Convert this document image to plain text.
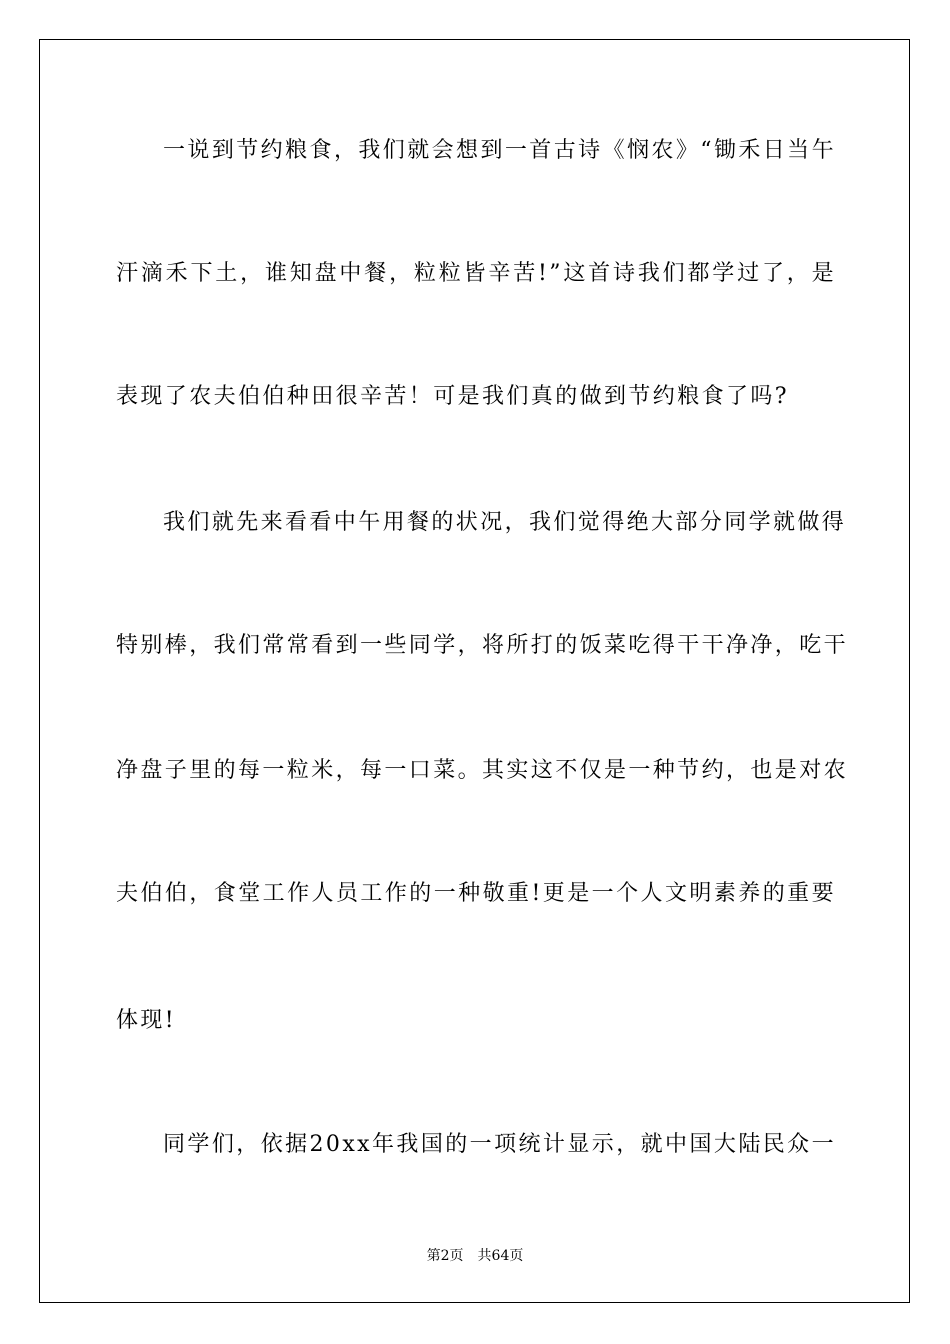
一说到节约粮食，我们就会想到一首古诗《悯农》“锄禾日当午
汗滴禾下土，谁知盘中餐，粒粒皆辛苦!”这首诗我们都学过了，是
表现了农夫伯伯种田很辛苦！可是我们真的做到节约粮食了吗?
我们就先来看看中午用餐的状况，我们觉得绝大部分同学就做得
特别棒，我们常常看到一些同学，将所打的饭菜吃得干干净净，吃干
净盘子里的每一粒米，每一口菜。其实这不仅是一种节约，也是对农
夫伯伯，食堂工作人员工作的一种敬重!更是一个人文明素养的重要
体现!
同学们，依据20xx年我国的一项统计显示，就中国大陆民众一
第2页 共64页
